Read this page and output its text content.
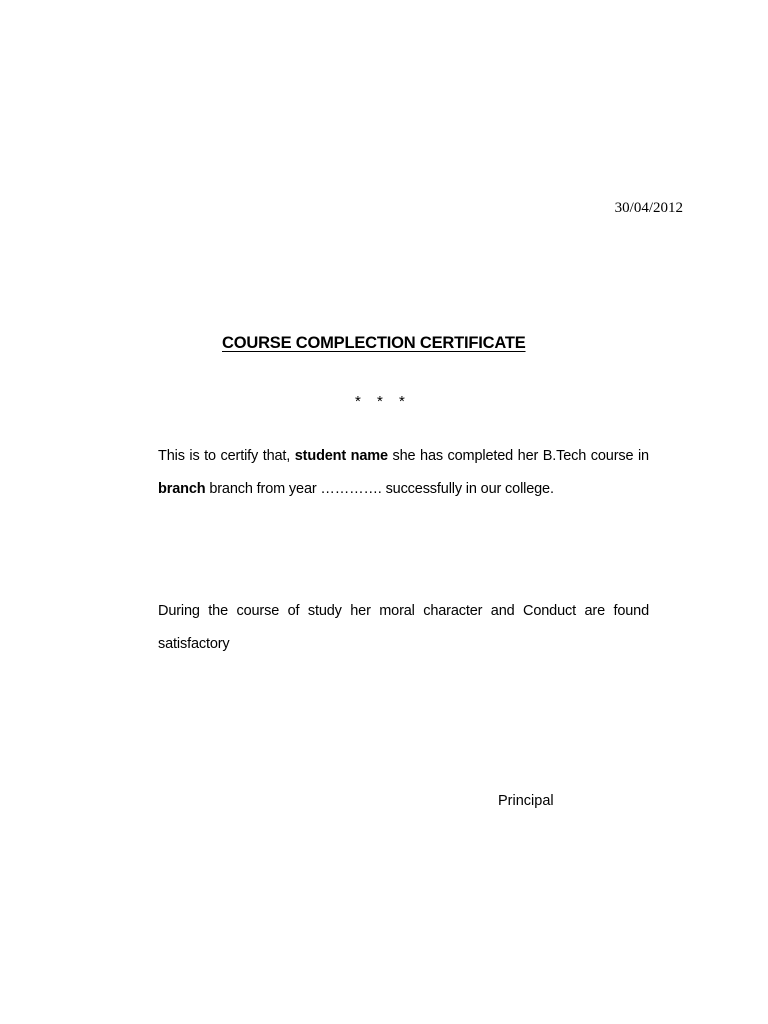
30/04/2012
COURSE COMPLECTION CERTIFICATE
* * *

This is to certify that, student name she has completed her B.Tech course in branch branch from year …………. successfully in our college.

During the course of study her moral character and Conduct are found satisfactory

Principal
